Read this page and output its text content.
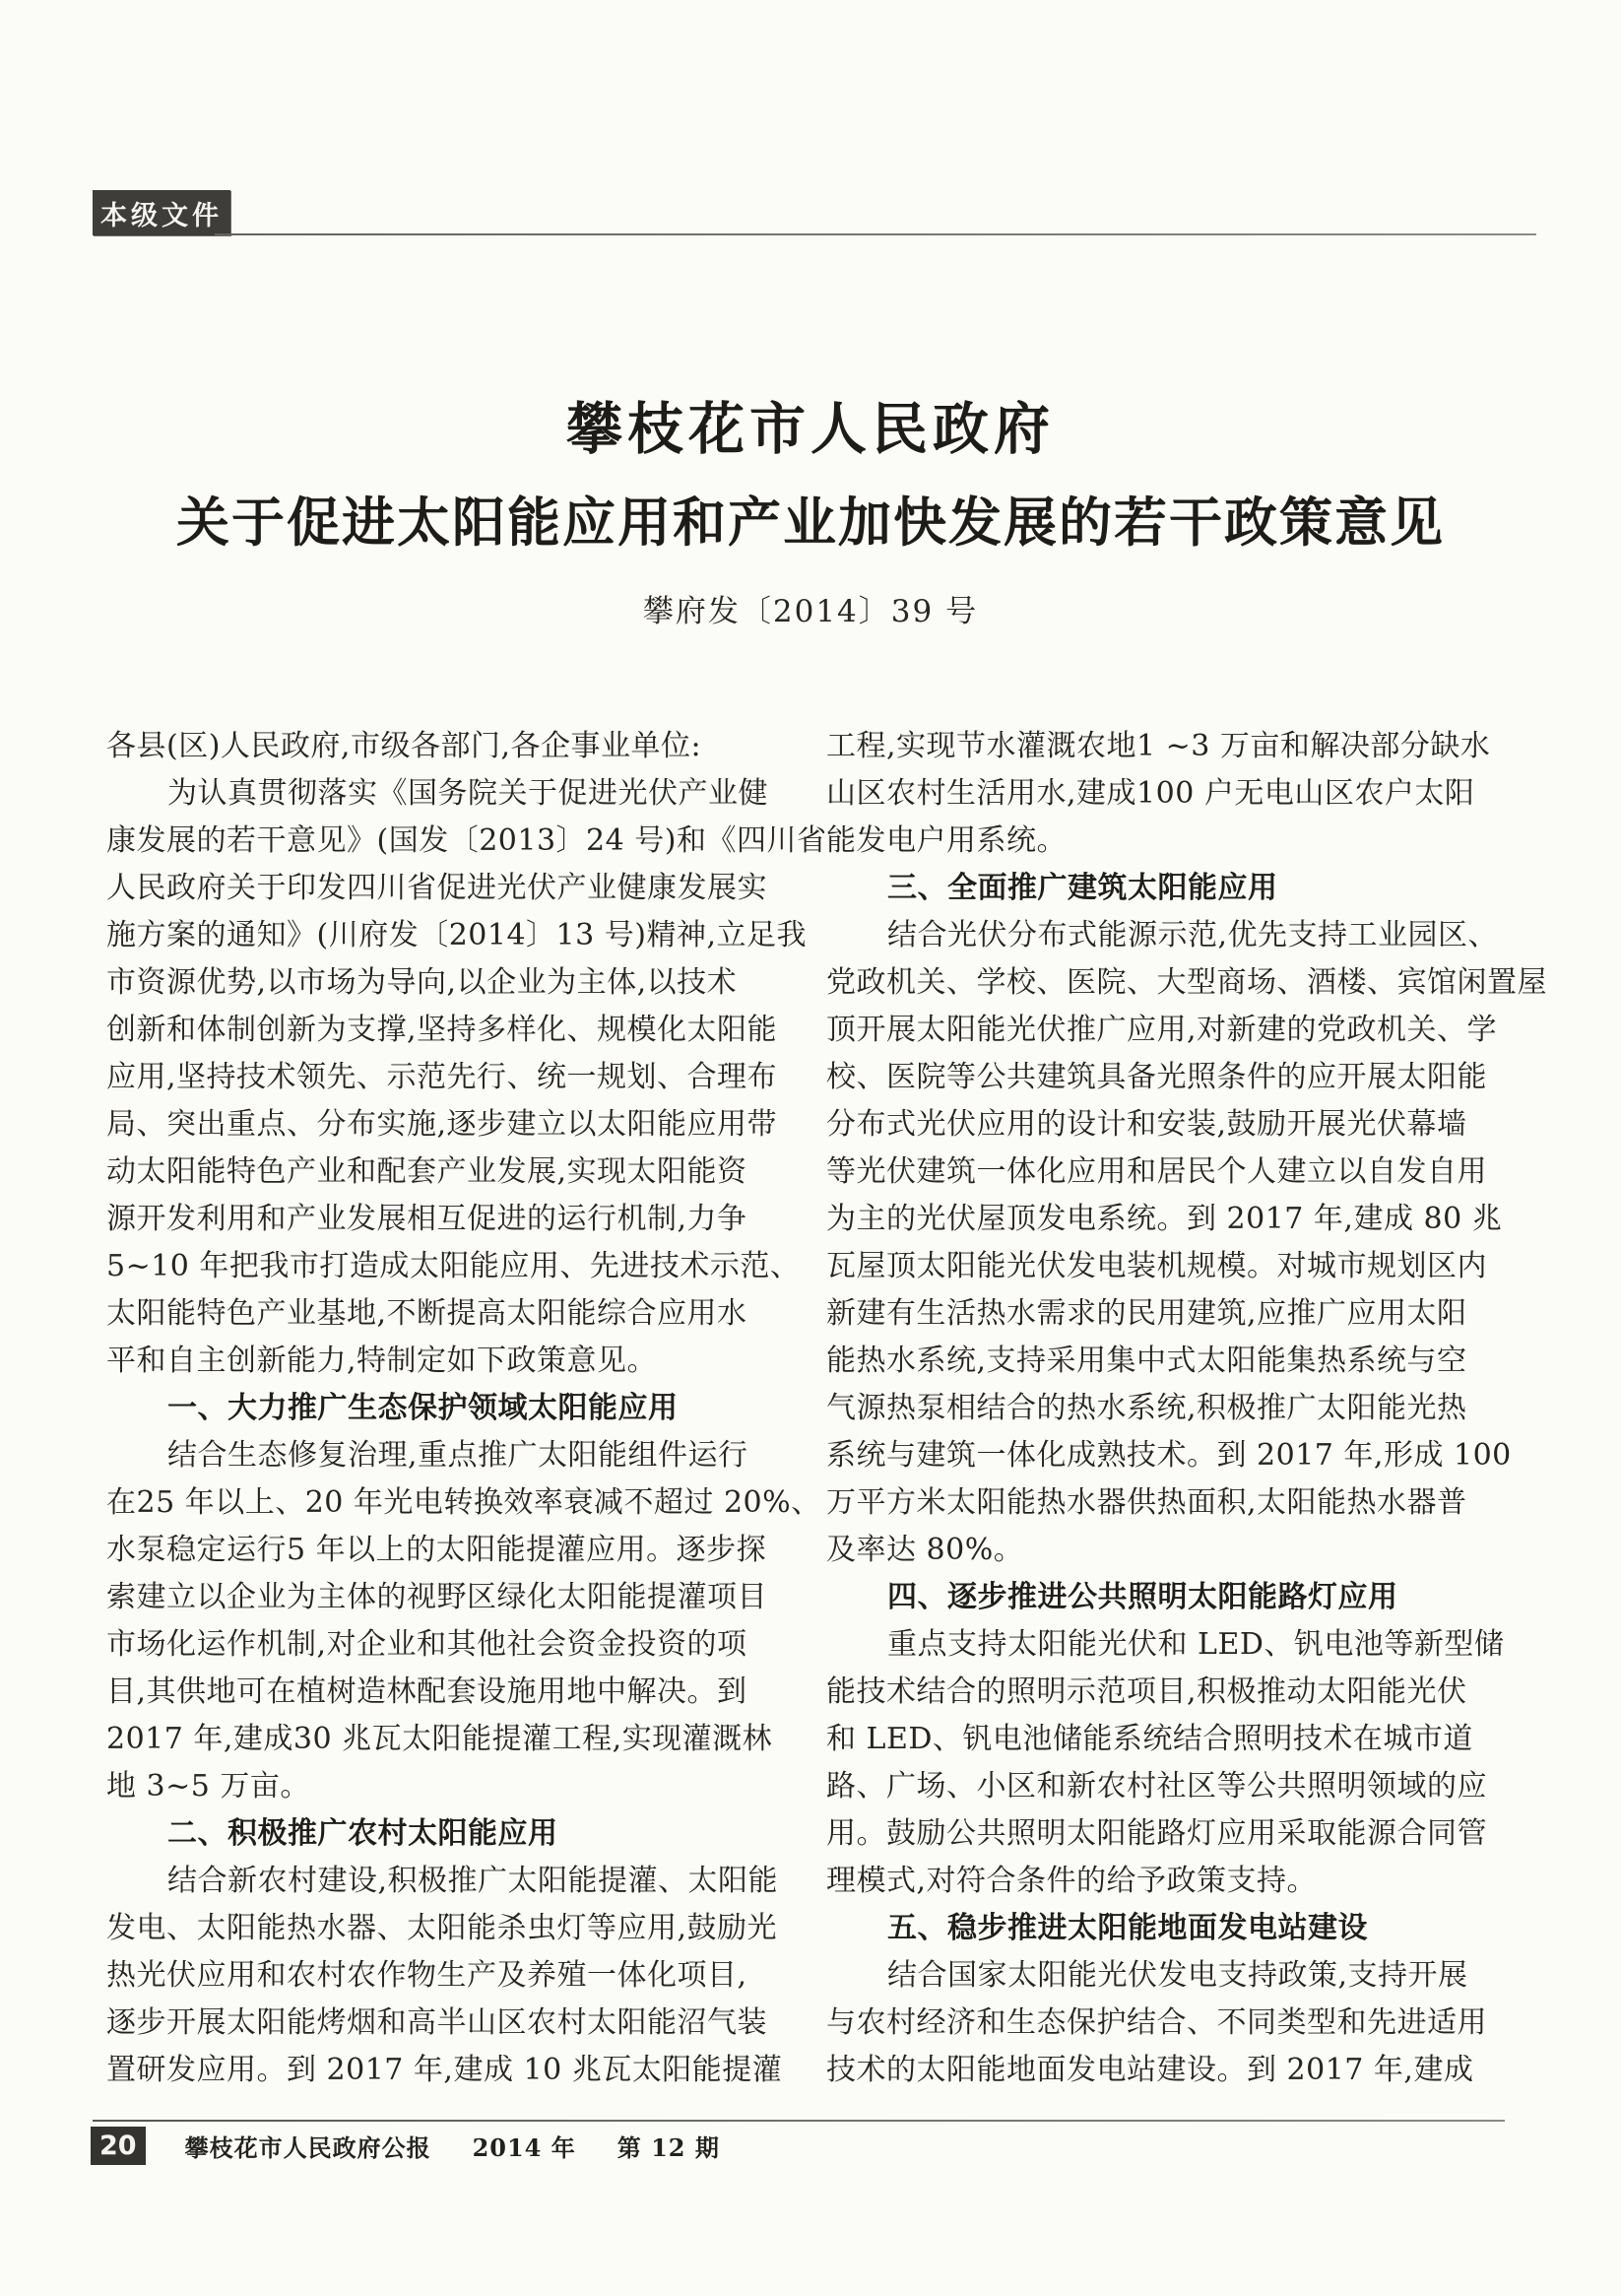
本级文件
攀枝花市人民政府
关于促进太阳能应用和产业加快发展的若干政策意见
攀府发〔2014〕39 号
各县(区)人民政府,市级各部门,各企事业单位:
为认真贯彻落实《国务院关于促进光伏产业健
康发展的若干意见》(国发〔2013〕24 号)和《四川省
人民政府关于印发四川省促进光伏产业健康发展实
施方案的通知》(川府发〔2014〕13 号)精神,立足我
市资源优势,以市场为导向,以企业为主体,以技术
创新和体制创新为支撑,坚持多样化、规模化太阳能
应用,坚持技术领先、示范先行、统一规划、合理布
局、突出重点、分布实施,逐步建立以太阳能应用带
动太阳能特色产业和配套产业发展,实现太阳能资
源开发利用和产业发展相互促进的运行机制,力争
5~10 年把我市打造成太阳能应用、先进技术示范、
太阳能特色产业基地,不断提高太阳能综合应用水
平和自主创新能力,特制定如下政策意见。
一、大力推广生态保护领域太阳能应用
结合生态修复治理,重点推广太阳能组件运行
在25 年以上、20 年光电转换效率衰减不超过 20%、
水泵稳定运行5 年以上的太阳能提灌应用。逐步探
索建立以企业为主体的视野区绿化太阳能提灌项目
市场化运作机制,对企业和其他社会资金投资的项
目,其供地可在植树造林配套设施用地中解决。到
2017 年,建成30 兆瓦太阳能提灌工程,实现灌溉林
地 3~5 万亩。
二、积极推广农村太阳能应用
结合新农村建设,积极推广太阳能提灌、太阳能
发电、太阳能热水器、太阳能杀虫灯等应用,鼓励光
热光伏应用和农村农作物生产及养殖一体化项目,
逐步开展太阳能烤烟和高半山区农村太阳能沼气装
置研发应用。到 2017 年,建成 10 兆瓦太阳能提灌
工程,实现节水灌溉农地1 ~3 万亩和解决部分缺水
山区农村生活用水,建成100 户无电山区农户太阳
能发电户用系统。
三、全面推广建筑太阳能应用
结合光伏分布式能源示范,优先支持工业园区、
党政机关、学校、医院、大型商场、酒楼、宾馆闲置屋
顶开展太阳能光伏推广应用,对新建的党政机关、学
校、医院等公共建筑具备光照条件的应开展太阳能
分布式光伏应用的设计和安装,鼓励开展光伏幕墙
等光伏建筑一体化应用和居民个人建立以自发自用
为主的光伏屋顶发电系统。到 2017 年,建成 80 兆
瓦屋顶太阳能光伏发电装机规模。对城市规划区内
新建有生活热水需求的民用建筑,应推广应用太阳
能热水系统,支持采用集中式太阳能集热系统与空
气源热泵相结合的热水系统,积极推广太阳能光热
系统与建筑一体化成熟技术。到 2017 年,形成 100
万平方米太阳能热水器供热面积,太阳能热水器普
及率达 80%。
四、逐步推进公共照明太阳能路灯应用
重点支持太阳能光伏和 LED、钒电池等新型储
能技术结合的照明示范项目,积极推动太阳能光伏
和 LED、钒电池储能系统结合照明技术在城市道
路、广场、小区和新农村社区等公共照明领域的应
用。鼓励公共照明太阳能路灯应用采取能源合同管
理模式,对符合条件的给予政策支持。
五、稳步推进太阳能地面发电站建设
结合国家太阳能光伏发电支持政策,支持开展
与农村经济和生态保护结合、不同类型和先进适用
技术的太阳能地面发电站建设。到 2017 年,建成
20 攀枝花市人民政府公报 2014 年 第 12 期
